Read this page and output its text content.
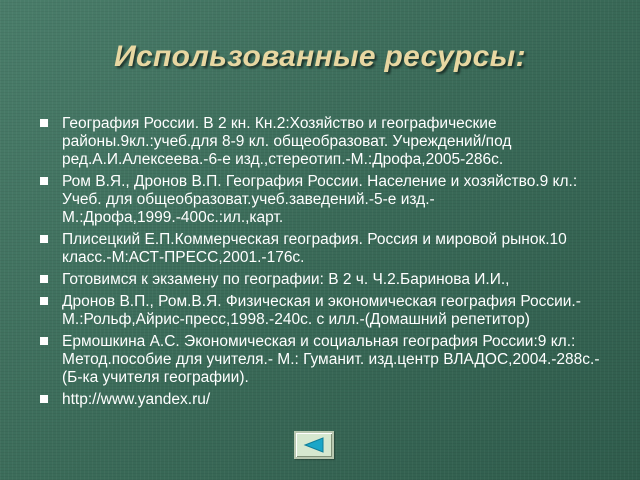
Использованные ресурсы:
География России. В 2 кн. Кн.2:Хозяйство и географические районы.9кл.:учеб.для 8-9 кл. общеобразоват. Учреждений/под ред.А.И.Алексеева.-6-е изд.,стереотип.-М.:Дрофа,2005-286с.
Ром В.Я., Дронов В.П. География России. Население и хозяйство.9 кл.: Учеб. для общеобразоват.учеб.заведений.-5-е изд.-М.:Дрофа,1999.-400с.:ил.,карт.
Плисецкий Е.П.Коммерческая география. Россия и мировой рынок.10 класс.-М:АСТ-ПРЕСС,2001.-176с.
Готовимся к экзамену по географии: В 2 ч. Ч.2.Баринова И.И.,
Дронов В.П., Ром.В.Я. Физическая и экономическая география России.-М.:Рольф,Айрис-пресс,1998.-240с. с илл.-(Домашний репетитор)
Ермошкина А.С. Экономическая и социальная география России:9 кл.: Метод.пособие для учителя.- М.: Гуманит. изд.центр ВЛАДОС,2004.-288с.-(Б-ка учителя географии).
http://www.yandex.ru/
